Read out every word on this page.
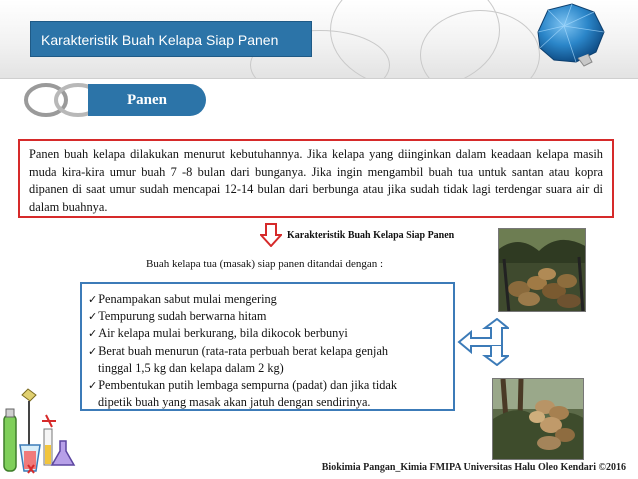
Karakteristik Buah Kelapa Siap Panen
Panen
Panen buah kelapa dilakukan menurut kebutuhannya. Jika kelapa yang diinginkan dalam keadaan kelapa masih muda kira-kira umur buah 7 -8 bulan dari bunganya. Jika ingin mengambil buah tua untuk santan atau kopra dipanen di saat umur sudah mencapai 12-14 bulan dari berbunga atau jika sudah tidak lagi terdengar suara air di dalam buahnya.
Karakteristik Buah Kelapa Siap Panen
Buah kelapa tua (masak) siap panen ditandai dengan :
✓Penampakan sabut mulai mengering
✓Tempurung sudah berwarna hitam
✓Air kelapa mulai berkurang, bila dikocok berbunyi
✓Berat buah menurun (rata-rata perbuah berat kelapa genjah
tinggal 1,5 kg dan kelapa dalam 2 kg)
✓Pembentukan putih lembaga sempurna (padat) dan jika tidak
dipetik buah yang masak akan jatuh dengan sendirinya.
Biokimia Pangan_Kimia FMIPA Universitas Halu Oleo Kendari ©2016
